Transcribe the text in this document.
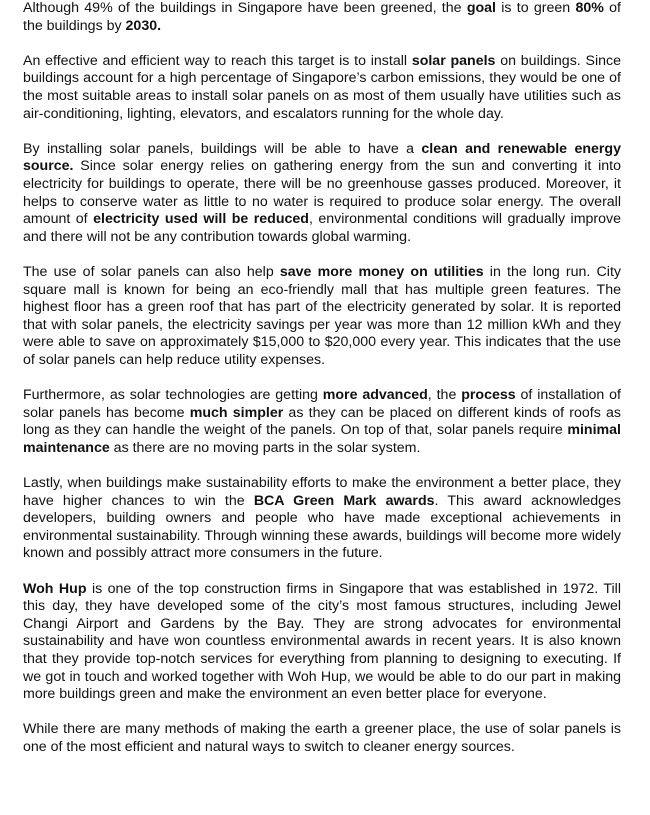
Although 49% of the buildings in Singapore have been greened, the goal is to green 80% of the buildings by 2030.

An effective and efficient way to reach this target is to install solar panels on buildings. Since buildings account for a high percentage of Singapore’s carbon emissions, they would be one of the most suitable areas to install solar panels on as most of them usually have utilities such as air-conditioning, lighting, elevators, and escalators running for the whole day.

By installing solar panels, buildings will be able to have a clean and renewable energy source. Since solar energy relies on gathering energy from the sun and converting it into electricity for buildings to operate, there will be no greenhouse gasses produced. Moreover, it helps to conserve water as little to no water is required to produce solar energy. The overall amount of electricity used will be reduced, environmental conditions will gradually improve and there will not be any contribution towards global warming.

The use of solar panels can also help save more money on utilities in the long run. City square mall is known for being an eco-friendly mall that has multiple green features. The highest floor has a green roof that has part of the electricity generated by solar. It is reported that with solar panels, the electricity savings per year was more than 12 million kWh and they were able to save on approximately $15,000 to $20,000 every year. This indicates that the use of solar panels can help reduce utility expenses.

Furthermore, as solar technologies are getting more advanced, the process of installation of solar panels has become much simpler as they can be placed on different kinds of roofs as long as they can handle the weight of the panels. On top of that, solar panels require minimal maintenance as there are no moving parts in the solar system.

Lastly, when buildings make sustainability efforts to make the environment a better place, they have higher chances to win the BCA Green Mark awards. This award acknowledges developers, building owners and people who have made exceptional achievements in environmental sustainability. Through winning these awards, buildings will become more widely known and possibly attract more consumers in the future.

Woh Hup is one of the top construction firms in Singapore that was established in 1972. Till this day, they have developed some of the city’s most famous structures, including Jewel Changi Airport and Gardens by the Bay. They are strong advocates for environmental sustainability and have won countless environmental awards in recent years. It is also known that they provide top-notch services for everything from planning to designing to executing. If we got in touch and worked together with Woh Hup, we would be able to do our part in making more buildings green and make the environment an even better place for everyone.

While there are many methods of making the earth a greener place, the use of solar panels is one of the most efficient and natural ways to switch to cleaner energy sources.
